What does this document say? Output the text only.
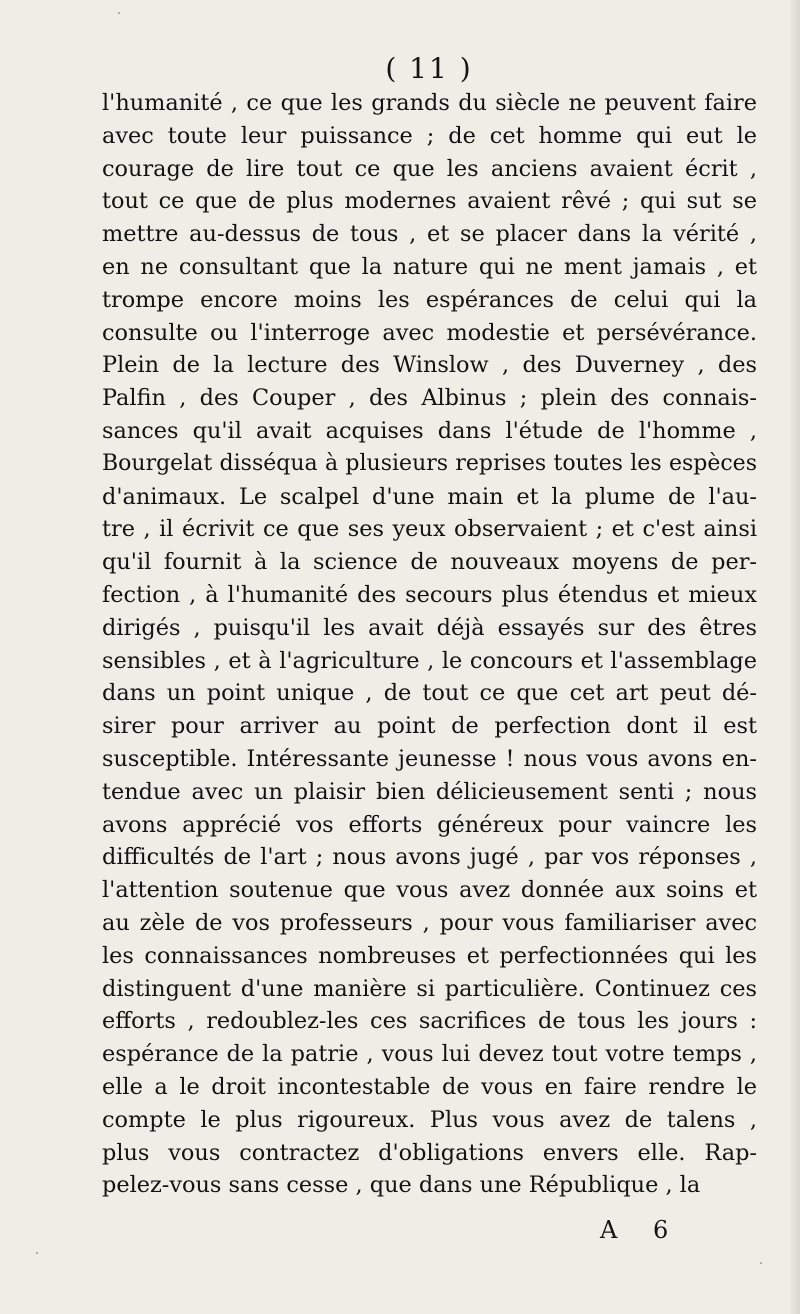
( 11 )
l'humanité , ce que les grands du siècle ne peuvent faire
avec toute leur puissance ; de cet homme qui eut le
courage de lire tout ce que les anciens avaient écrit ,
tout ce que de plus modernes avaient rêvé ; qui sut se
mettre au-dessus de tous , et se placer dans la vérité ,
en ne consultant que la nature qui ne ment jamais , et
trompe encore moins les espérances de celui qui la
consulte ou l'interroge avec modestie et persévérance.
Plein de la lecture des Winslow , des Duverney , des
Palfin , des Couper , des Albinus ; plein des connais-
sances qu'il avait acquises dans l'étude de l'homme ,
Bourgelat disséqua à plusieurs reprises toutes les espèces
d'animaux. Le scalpel d'une main et la plume de l'au-
tre , il écrivit ce que ses yeux observaient ; et c'est ainsi
qu'il fournit à la science de nouveaux moyens de per-
fection , à l'humanité des secours plus étendus et mieux
dirigés , puisqu'il les avait déjà essayés sur des êtres
sensibles , et à l'agriculture , le concours et l'assemblage
dans un point unique , de tout ce que cet art peut dé-
sirer pour arriver au point de perfection dont il est
susceptible. Intéressante jeunesse ! nous vous avons en-
tendue avec un plaisir bien délicieusement senti ; nous
avons apprécié vos efforts généreux pour vaincre les
difficultés de l'art ; nous avons jugé , par vos réponses ,
l'attention soutenue que vous avez donnée aux soins et
au zèle de vos professeurs , pour vous familiariser avec
les connaissances nombreuses et perfectionnées qui les
distinguent d'une manière si particulière. Continuez ces
efforts , redoublez-les ces sacrifices de tous les jours :
espérance de la patrie , vous lui devez tout votre temps ,
elle a le droit incontestable de vous en faire rendre le
compte le plus rigoureux. Plus vous avez de talens ,
plus vous contractez d'obligations envers elle. Rap-
pelez-vous sans cesse , que dans une République , la
A 6
